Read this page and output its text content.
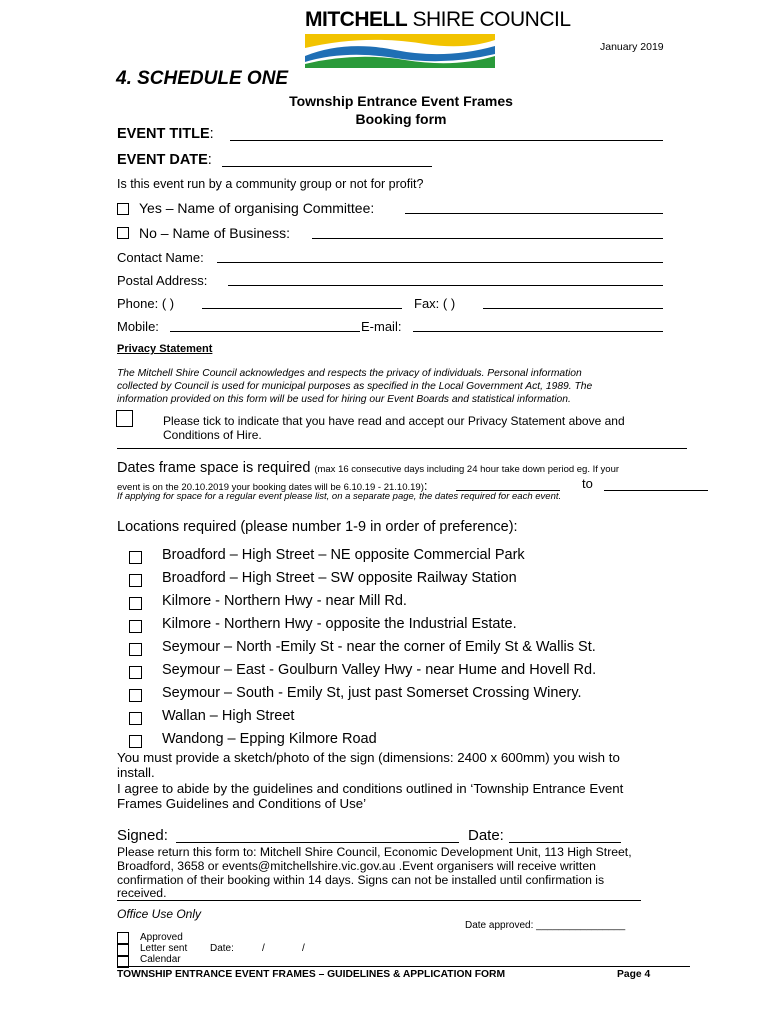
MITCHELL SHIRE COUNCIL
January 2019
4. SCHEDULE ONE
Township Entrance Event Frames
Booking form
EVENT TITLE:
EVENT DATE:
Is this event run by a community group or not for profit?
Yes – Name of organising Committee:
No – Name of Business:
Contact Name:
Postal Address:
Phone: ( )	Fax: ( )
Mobile:	E-mail:
Privacy Statement
The Mitchell Shire Council acknowledges and respects the privacy of individuals. Personal information
collected by Council is used for municipal purposes as specified in the Local Government Act, 1989. The
information provided on this form will be used for hiring our Event Boards and statistical information.
Please tick to indicate that you have read and accept our Privacy Statement above and
Conditions of Hire.
Dates frame space is required (max 16 consecutive days including 24 hour take down period eg. If your
event is on the 20.10.2019 your booking dates will be 6.10.19 - 21.10.19):	to
If applying for space for a regular event please list, on a separate page, the dates required for each event.
Locations required (please number 1-9 in order of preference):
Broadford – High Street – NE opposite Commercial Park
Broadford – High Street – SW opposite Railway Station
Kilmore - Northern Hwy - near Mill Rd.
Kilmore - Northern Hwy - opposite the Industrial Estate.
Seymour – North -Emily St - near the corner of Emily St & Wallis St.
Seymour – East - Goulburn Valley Hwy - near Hume and Hovell Rd.
Seymour – South - Emily St, just past Somerset Crossing Winery.
Wallan – High Street
Wandong – Epping Kilmore Road
You must provide a sketch/photo of the sign (dimensions: 2400 x 600mm) you wish to
install.
I agree to abide by the guidelines and conditions outlined in ‘Township Entrance Event
Frames Guidelines and Conditions of Use’
Signed:	Date:
Please return this form to: Mitchell Shire Council, Economic Development Unit, 113 High Street,
Broadford, 3658 or events@mitchellshire.vic.gov.au .Event organisers will receive written
confirmation of their booking within 14 days. Signs can not be installed until confirmation is
received.
Office Use Only
Date approved: ________________
Approved
Letter sent Date:	/	/
Calendar
TOWNSHIP ENTRANCE EVENT FRAMES – GUIDELINES & APPLICATION FORM	Page 4
